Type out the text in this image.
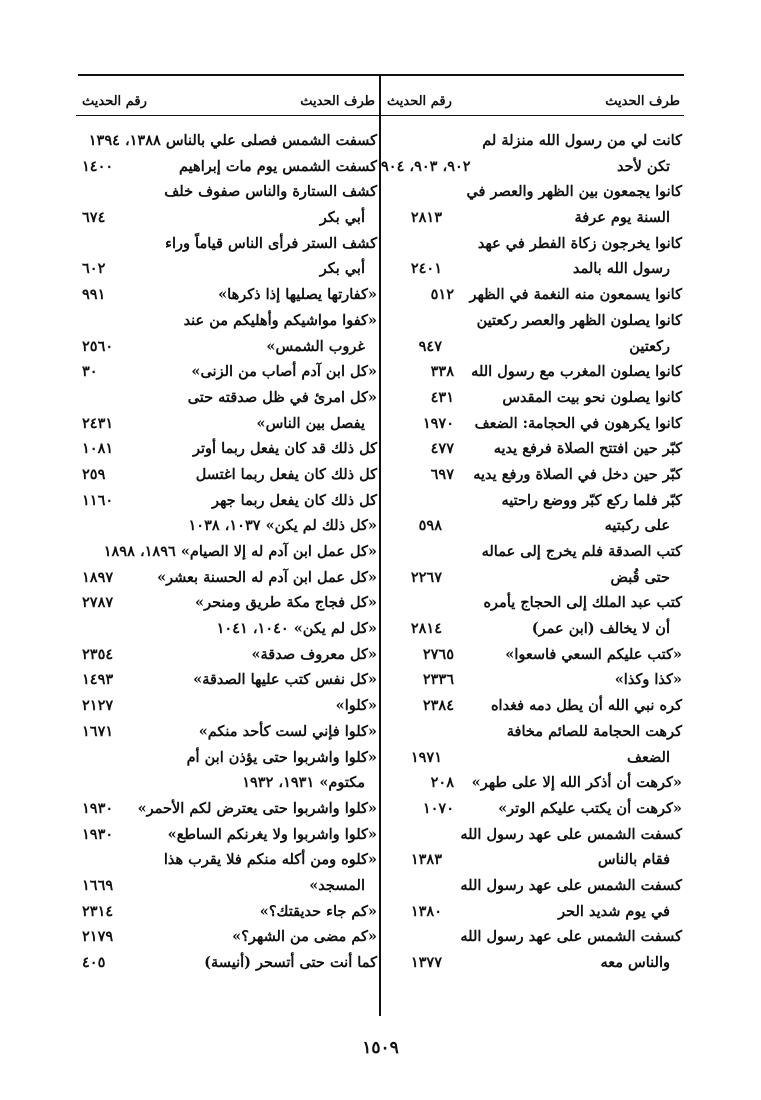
طرف الحديث
رقم الحديث
كانت لي من رسول الله منزلة لم
تكن لأحد
٩٠٢، ٩٠٣، ٩٠٤
كانوا يجمعون بين الظهر والعصر في
السنة يوم عرفة
٢٨١٣
كانوا يخرجون زكاة الفطر في عهد
رسول الله بالمد
٢٤٠١
كانوا يسمعون منه النغمة في الظهر
٥١٢
كانوا يصلون الظهر والعصر ركعتين
ركعتين
٩٤٧
كانوا يصلون المغرب مع رسول الله
٣٣٨
كانوا يصلون نحو بيت المقدس
٤٣١
كانوا يكرهون في الحجامة: الضعف
١٩٧٠
كبّر حين افتتح الصلاة فرفع يديه
٤٧٧
كبّر حين دخل في الصلاة ورفع يديه
٦٩٧
كبّر فلما ركع كبّر ووضع راحتيه
على ركبتيه
٥٩٨
كتب الصدقة فلم يخرج إلى عماله
حتى قُبض
٢٢٦٧
كتب عبد الملك إلى الحجاج يأمره
أن لا يخالف (ابن عمر)
٢٨١٤
«كتب عليكم السعي فاسعوا»
٢٧٦٥
«كذا وكذا»
٢٣٣٦
كره نبي الله أن يطل دمه فغداه
٢٣٨٤
كرهت الحجامة للصائم مخافة
الضعف
١٩٧١
«كرهت أن أذكر الله إلا على طهر»
٢٠٨
«كرهت أن يكتب عليكم الوتر»
١٠٧٠
كسفت الشمس على عهد رسول الله
فقام بالناس
١٣٨٣
كسفت الشمس على عهد رسول الله
في يوم شديد الحر
١٣٨٠
كسفت الشمس على عهد رسول الله
والناس معه
١٣٧٧
طرف الحديث
رقم الحديث
كسفت الشمس فصلى علي بالناس ١٣٨٨، ١٣٩٤
كسفت الشمس يوم مات إبراهيم
١٤٠٠
كشف الستارة والناس صفوف خلف
أبي بكر
٦٧٤
كشف الستر فرأى الناس قياماً وراء
أبي بكر
٦٠٢
«كفارتها يصليها إذا ذكرها»
٩٩١
«كفوا مواشيكم وأهليكم من عند
غروب الشمس»
٢٥٦٠
«كل ابن آدم أصاب من الزنى»
٣٠
«كل امرئ في ظل صدقته حتى
يفصل بين الناس»
٢٤٣١
كل ذلك قد كان يفعل ربما أوتر
١٠٨١
كل ذلك كان يفعل ربما اغتسل
٢٥٩
كل ذلك كان يفعل ربما جهر
١١٦٠
«كل ذلك لم يكن» ١٠٣٧، ١٠٣٨
«كل عمل ابن آدم له إلا الصيام» ١٨٩٦، ١٨٩٨
«كل عمل ابن آدم له الحسنة بعشر»
١٨٩٧
«كل فجاج مكة طريق ومنحر»
٢٧٨٧
«كل لم يكن» ١٠٤٠، ١٠٤١
«كل معروف صدقة»
٢٣٥٤
«كل نفس كتب عليها الصدقة»
١٤٩٣
«كلوا»
٢١٢٧
«كلوا فإني لست كأحد منكم»
١٦٧١
«كلوا واشربوا حتى يؤذن ابن أم
مكتوم» ١٩٣١، ١٩٣٢
«كلوا واشربوا حتى يعترض لكم الأحمر»
١٩٣٠
«كلوا واشربوا ولا يغرنكم الساطع»
١٩٣٠
«كلوه ومن أكله منكم فلا يقرب هذا
المسجد»
١٦٦٩
«كم جاء حديقتك؟»
٢٣١٤
«كم مضى من الشهر؟»
٢١٧٩
كما أنت حتى أتسحر (أنيسة)
٤٠٥
١٥٠٩
